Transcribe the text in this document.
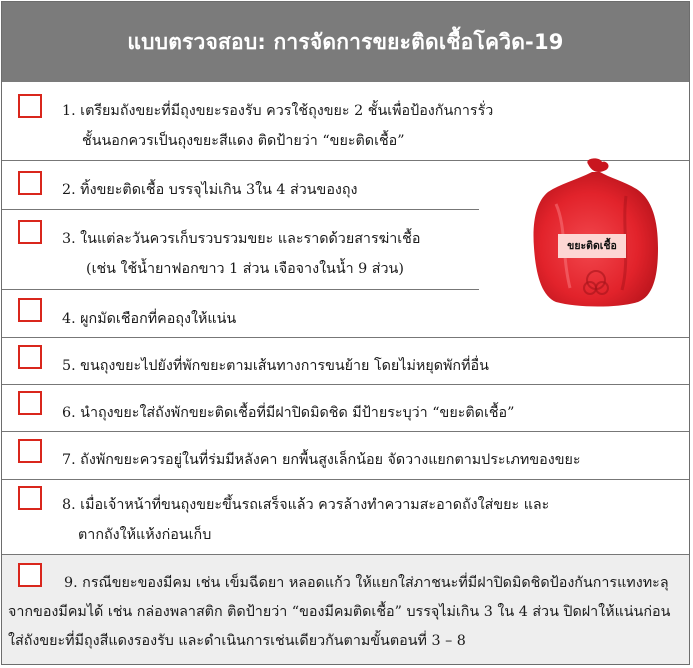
แบบตรวจสอบ: การจัดการขยะติดเชื้อโควิด-19
1. เตรียมถังขยะที่มีถุงขยะรองรับ ควรใช้ถุงขยะ 2 ชั้นเพื่อป้องกันการรั่ว
ชั้นนอกควรเป็นถุงขยะสีแดง ติดป้ายว่า “ขยะติดเชื้อ”
2. ทิ้งขยะติดเชื้อ บรรจุไม่เกิน 3ใน 4 ส่วนของถุง
3. ในแต่ละวันควรเก็บรวบรวมขยะ และราดด้วยสารฆ่าเชื้อ
(เช่น ใช้น้ำยาฟอกขาว 1 ส่วน เจือจางในน้ำ 9 ส่วน)
4. ผูกมัดเชือกที่คอถุงให้แน่น
5. ขนถุงขยะไปยังที่พักขยะตามเส้นทางการขนย้าย โดยไม่หยุดพักที่อื่น
6. นำถุงขยะใส่ถังพักขยะติดเชื้อที่มีฝาปิดมิดชิด มีป้ายระบุว่า “ขยะติดเชื้อ”
7. ถังพักขยะควรอยู่ในที่ร่มมีหลังคา ยกพื้นสูงเล็กน้อย จัดวางแยกตามประเภทของขยะ
8. เมื่อเจ้าหน้าที่ขนถุงขยะขึ้นรถเสร็จแล้ว ควรล้างทำความสะอาดถังใส่ขยะ และ
ตากถังให้แห้งก่อนเก็บ
9. กรณีขยะของมีคม เช่น เข็มฉีดยา หลอดแก้ว ให้แยกใส่ภาชนะที่มีฝาปิดมิดชิดป้องกันการแทงทะลุจากของมีคมได้ เช่น กล่องพลาสติก ติดป้ายว่า “ของมีคมติดเชื้อ” บรรจุไม่เกิน 3 ใน 4 ส่วน ปิดฝาให้แน่นก่อนใส่ถังขยะที่มีถุงสีแดงรองรับ และดำเนินการเช่นเดียวกันตามขั้นตอนที่ 3 – 8
ขยะติดเชื้อ
